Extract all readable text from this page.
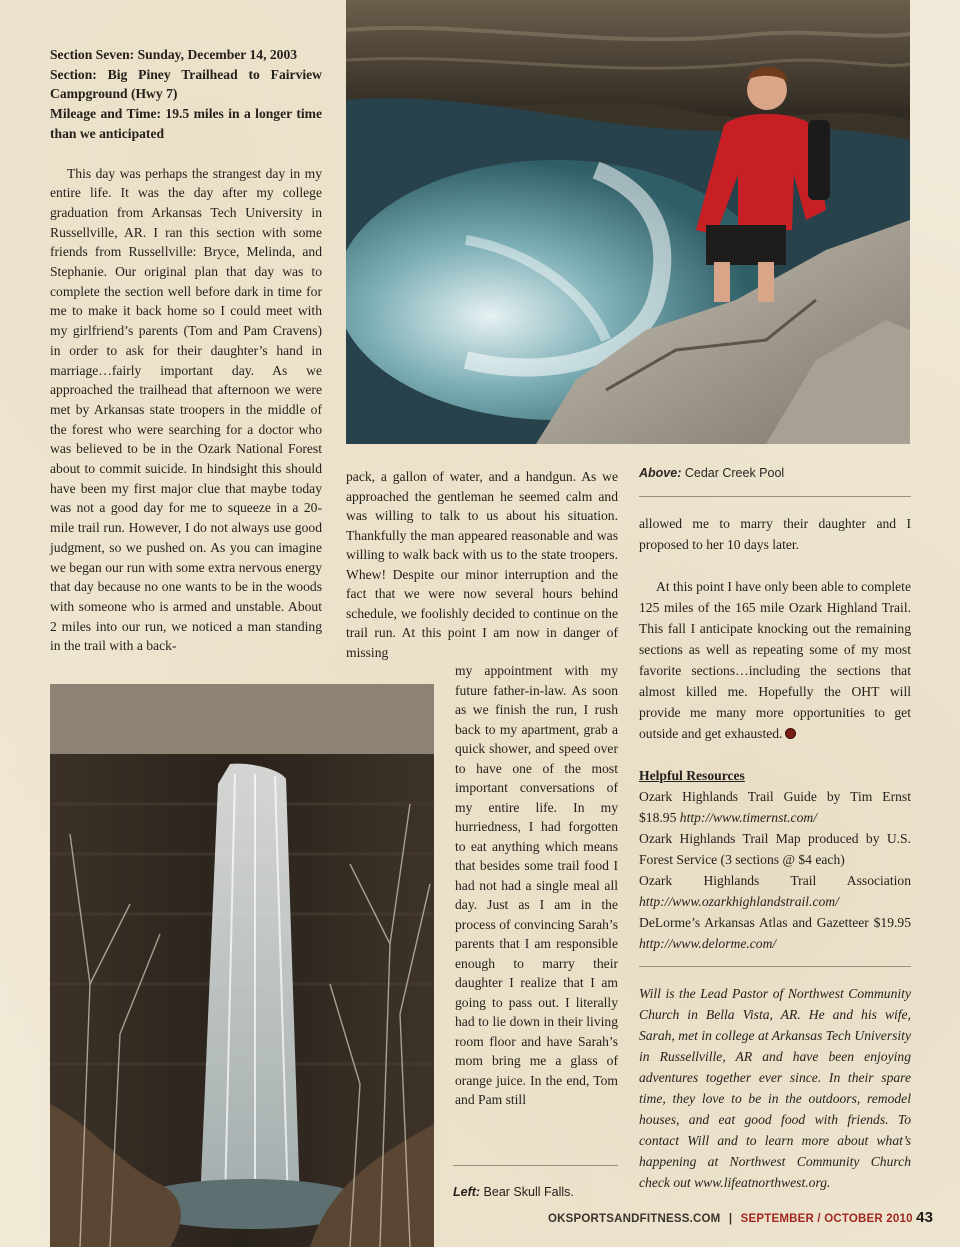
Section Seven: Sunday, December 14, 2003

Section: Big Piney Trailhead to Fairview Campground (Hwy 7)

Mileage and Time: 19.5 miles in a longer time than we anticipated

This day was perhaps the strangest day in my entire life. It was the day after my college graduation from Arkansas Tech University in Russellville, AR. I ran this section with some friends from Russellville: Bryce, Melinda, and Stephanie. Our original plan that day was to complete the section well before dark in time for me to make it back home so I could meet with my girlfriend’s parents (Tom and Pam Cravens) in order to ask for their daughter’s hand in marriage…fairly important day. As we approached the trailhead that afternoon we were met by Arkansas state troopers in the middle of the forest who were searching for a doctor who was believed to be in the Ozark National Forest about to commit suicide. In hindsight this should have been my first major clue that maybe today was not a good day for me to squeeze in a 20-mile trail run. However, I do not always use good judgment, so we pushed on. As you can imagine we began our run with some extra nervous energy that day because no one wants to be in the woods with someone who is armed and unstable. About 2 miles into our run, we noticed a man standing in the trail with a back-

pack, a gallon of water, and a handgun. As we approached the gentleman he seemed calm and was willing to talk to us about his situation. Thankfully the man appeared reasonable and was willing to walk back with us to the state troopers. Whew! Despite our minor interruption and the fact that we were now several hours behind schedule, we foolishly decided to continue on the trail run. At this point I am now in danger of missing

my appointment with my future father-in-law. As soon as we finish the run, I rush back to my apartment, grab a quick shower, and speed over to have one of the most important conversations of my entire life. In my hurriedness, I had forgotten to eat anything which means that besides some trail food I had not had a single meal all day. Just as I am in the process of convincing Sarah’s parents that I am responsible enough to marry their daughter I realize that I am going to pass out. I literally had to lie down in their living room floor and have Sarah’s mom bring me a glass of orange juice. In the end, Tom and Pam still

Above: Cedar Creek Pool

allowed me to marry their daughter and I proposed to her 10 days later.

At this point I have only been able to complete 125 miles of the 165 mile Ozark Highland Trail. This fall I anticipate knocking out the remaining sections as well as repeating some of my most favorite sections…including the sections that almost killed me. Hopefully the OHT will provide me many more opportunities to get outside and get exhausted.

Helpful Resources

Ozark Highlands Trail Guide by Tim Ernst $18.95 http://www.timernst.com/

Ozark Highlands Trail Map produced by U.S. Forest Service (3 sections @ $4 each)

Ozark Highlands Trail Association http://www.ozarkhighlandstrail.com/

DeLorme’s Arkansas Atlas and Gazetteer $19.95 http://www.delorme.com/

Will is the Lead Pastor of Northwest Community Church in Bella Vista, AR. He and his wife, Sarah, met in college at Arkansas Tech University in Russellville, AR and have been enjoying adventures together ever since. In their spare time, they love to be in the outdoors, remodel houses, and eat good food with friends. To contact Will and to learn more about what’s happening at Northwest Community Church check out www.lifeatnorthwest.org.

Left: Bear Skull Falls.

OKSPORTSANDFITNESS.COM | SEPTEMBER / OCTOBER 2010 43
